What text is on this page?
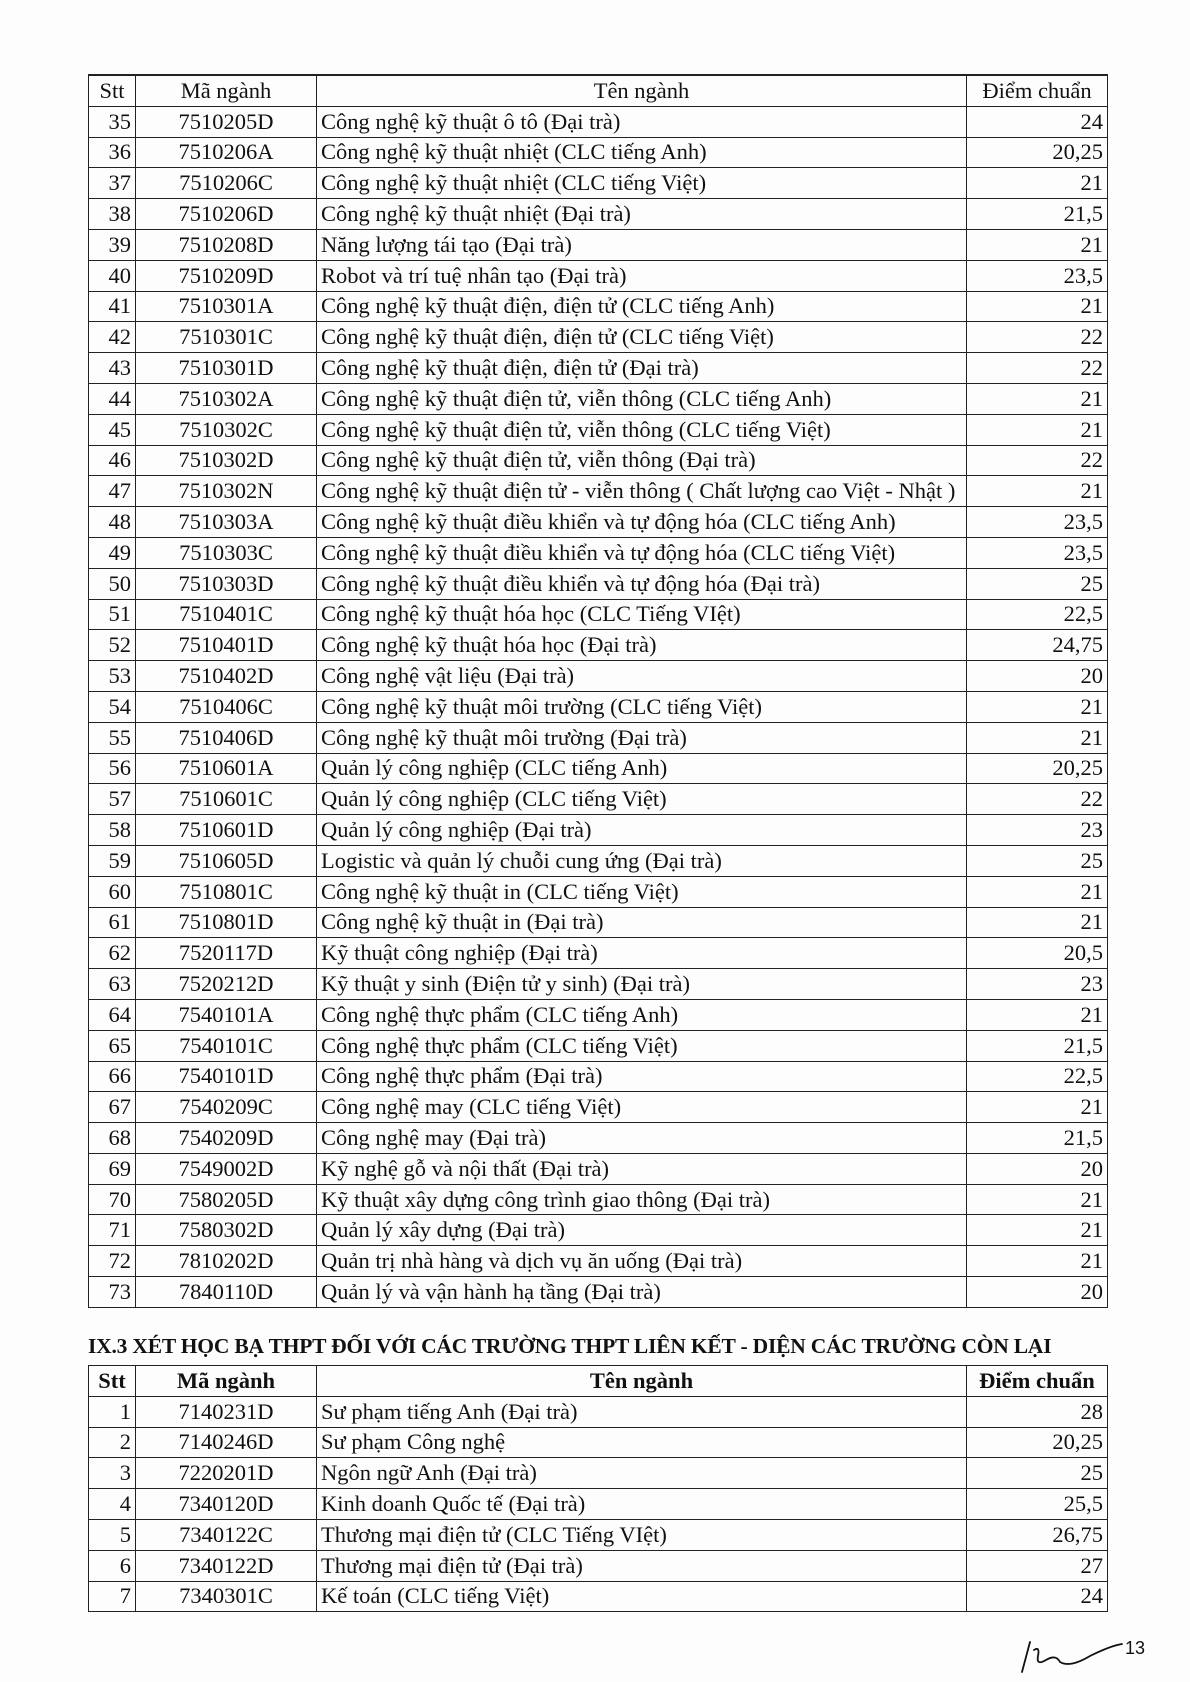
Stt	Mã ngành	Tên ngành	Điểm chuẩn
35	7510205D	Công nghệ kỹ thuật ô tô (Đại trà)	24
36	7510206A	Công nghệ kỹ thuật nhiệt (CLC tiếng Anh)	20,25
37	7510206C	Công nghệ kỹ thuật nhiệt (CLC tiếng Việt)	21
38	7510206D	Công nghệ kỹ thuật nhiệt (Đại trà)	21,5
39	7510208D	Năng lượng tái tạo (Đại trà)	21
40	7510209D	Robot và trí tuệ nhân tạo (Đại trà)	23,5
41	7510301A	Công nghệ kỹ thuật điện, điện tử (CLC tiếng Anh)	21
42	7510301C	Công nghệ kỹ thuật điện, điện tử (CLC tiếng Việt)	22
43	7510301D	Công nghệ kỹ thuật điện, điện tử (Đại trà)	22
44	7510302A	Công nghệ kỹ thuật điện tử, viễn thông (CLC tiếng Anh)	21
45	7510302C	Công nghệ kỹ thuật điện tử, viễn thông (CLC tiếng Việt)	21
46	7510302D	Công nghệ kỹ thuật điện tử, viễn thông (Đại trà)	22
47	7510302N	Công nghệ kỹ thuật điện tử - viễn thông ( Chất lượng cao Việt - Nhật )	21
48	7510303A	Công nghệ kỹ thuật điều khiển và tự động hóa (CLC tiếng Anh)	23,5
49	7510303C	Công nghệ kỹ thuật điều khiển và tự động hóa (CLC tiếng Việt)	23,5
50	7510303D	Công nghệ kỹ thuật điều khiển và tự động hóa (Đại trà)	25
51	7510401C	Công nghệ kỹ thuật hóa học (CLC Tiếng VIệt)	22,5
52	7510401D	Công nghệ kỹ thuật hóa học (Đại trà)	24,75
53	7510402D	Công nghệ vật liệu (Đại trà)	20
54	7510406C	Công nghệ kỹ thuật môi trường (CLC tiếng Việt)	21
55	7510406D	Công nghệ kỹ thuật môi trường (Đại trà)	21
56	7510601A	Quản lý công nghiệp (CLC tiếng Anh)	20,25
57	7510601C	Quản lý công nghiệp (CLC tiếng Việt)	22
58	7510601D	Quản lý công nghiệp (Đại trà)	23
59	7510605D	Logistic và quản lý chuỗi cung ứng (Đại trà)	25
60	7510801C	Công nghệ kỹ thuật in (CLC tiếng Việt)	21
61	7510801D	Công nghệ kỹ thuật in (Đại trà)	21
62	7520117D	Kỹ thuật công nghiệp (Đại trà)	20,5
63	7520212D	Kỹ thuật y sinh (Điện tử y sinh) (Đại trà)	23
64	7540101A	Công nghệ thực phẩm (CLC tiếng Anh)	21
65	7540101C	Công nghệ thực phẩm (CLC tiếng Việt)	21,5
66	7540101D	Công nghệ thực phẩm (Đại trà)	22,5
67	7540209C	Công nghệ may (CLC tiếng Việt)	21
68	7540209D	Công nghệ may (Đại trà)	21,5
69	7549002D	Kỹ nghệ gỗ và nội thất (Đại trà)	20
70	7580205D	Kỹ thuật xây dựng công trình giao thông (Đại trà)	21
71	7580302D	Quản lý xây dựng (Đại trà)	21
72	7810202D	Quản trị nhà hàng và dịch vụ ăn uống (Đại trà)	21
73	7840110D	Quản lý và vận hành hạ tầng (Đại trà)	20
IX.3 XÉT HỌC BẠ THPT ĐỐI VỚI CÁC TRƯỜNG THPT LIÊN KẾT - DIỆN CÁC TRƯỜNG CÒN LẠI
Stt	Mã ngành	Tên ngành	Điểm chuẩn
1	7140231D	Sư phạm tiếng Anh (Đại trà)	28
2	7140246D	Sư phạm Công nghệ	20,25
3	7220201D	Ngôn ngữ Anh (Đại trà)	25
4	7340120D	Kinh doanh Quốc tế (Đại trà)	25,5
5	7340122C	Thương mại điện tử (CLC Tiếng VIệt)	26,75
6	7340122D	Thương mại điện tử (Đại trà)	27
7	7340301C	Kế toán (CLC tiếng Việt)	24
13
